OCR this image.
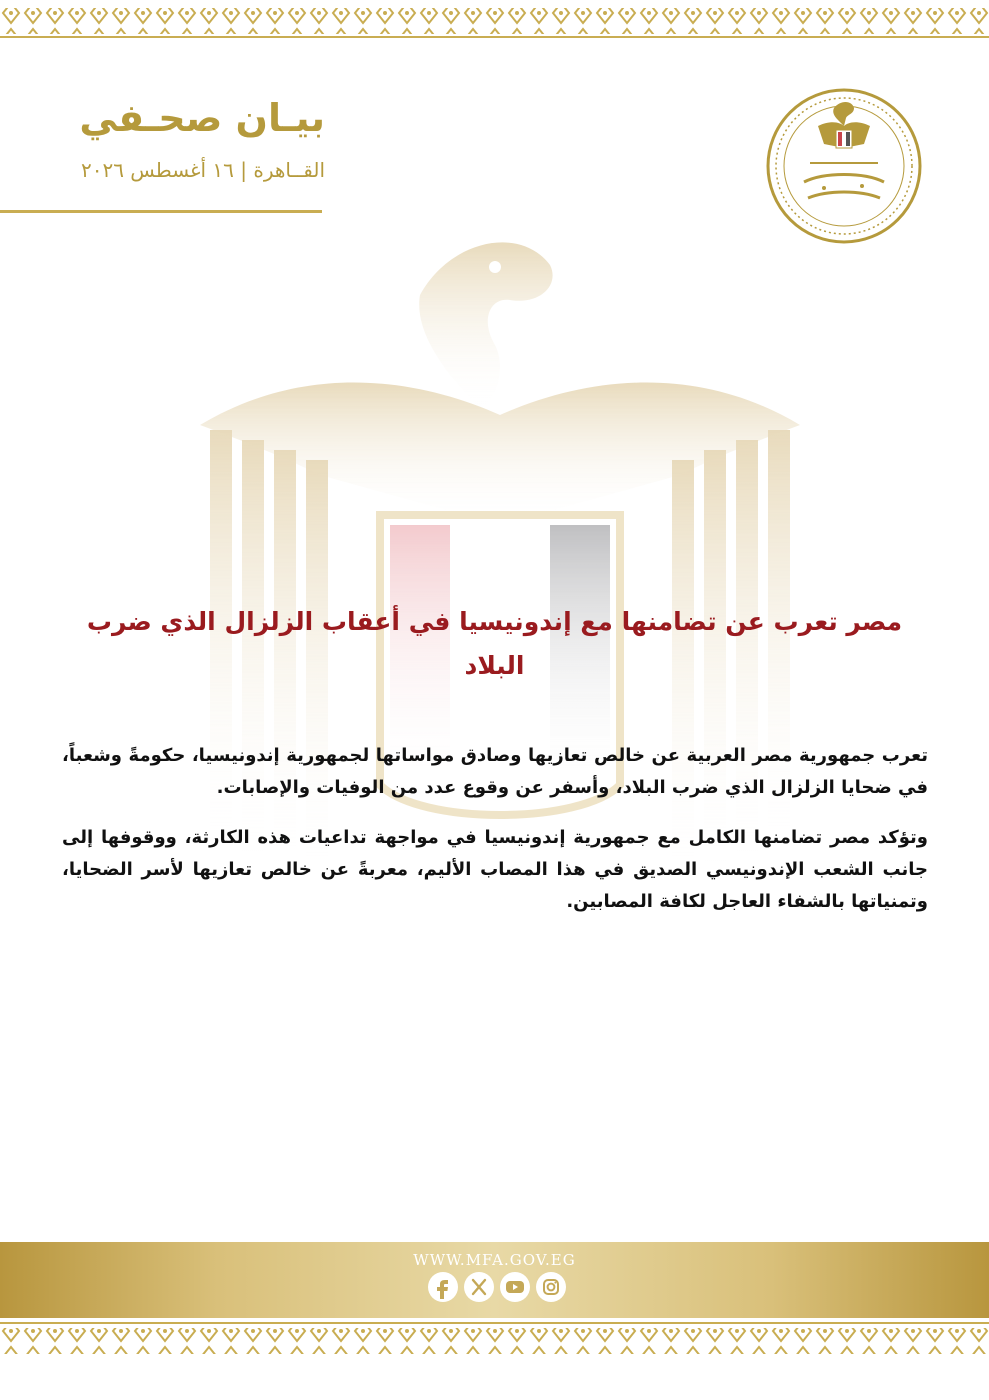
بيـان صحـفي
القــاهرة | ١٦ أغسطس ٢٠٢٦
مصر تعرب عن تضامنها مع إندونيسيا في أعقاب الزلزال الذي ضرب البلاد

تعرب جمهورية مصر العربية عن خالص تعازيها وصادق مواساتها لجمهورية إندونيسيا، حكومةً وشعباً، في ضحايا الزلزال الذي ضرب البلاد، وأسفر عن وقوع عدد من الوفيات والإصابات.

وتؤكد مصر تضامنها الكامل مع جمهورية إندونيسيا في مواجهة تداعيات هذه الكارثة، ووقوفها إلى جانب الشعب الإندونيسي الصديق في هذا المصاب الأليم، معربةً عن خالص تعازيها لأسر الضحايا، وتمنياتها بالشفاء العاجل لكافة المصابين.

WWW.MFA.GOV.EG
